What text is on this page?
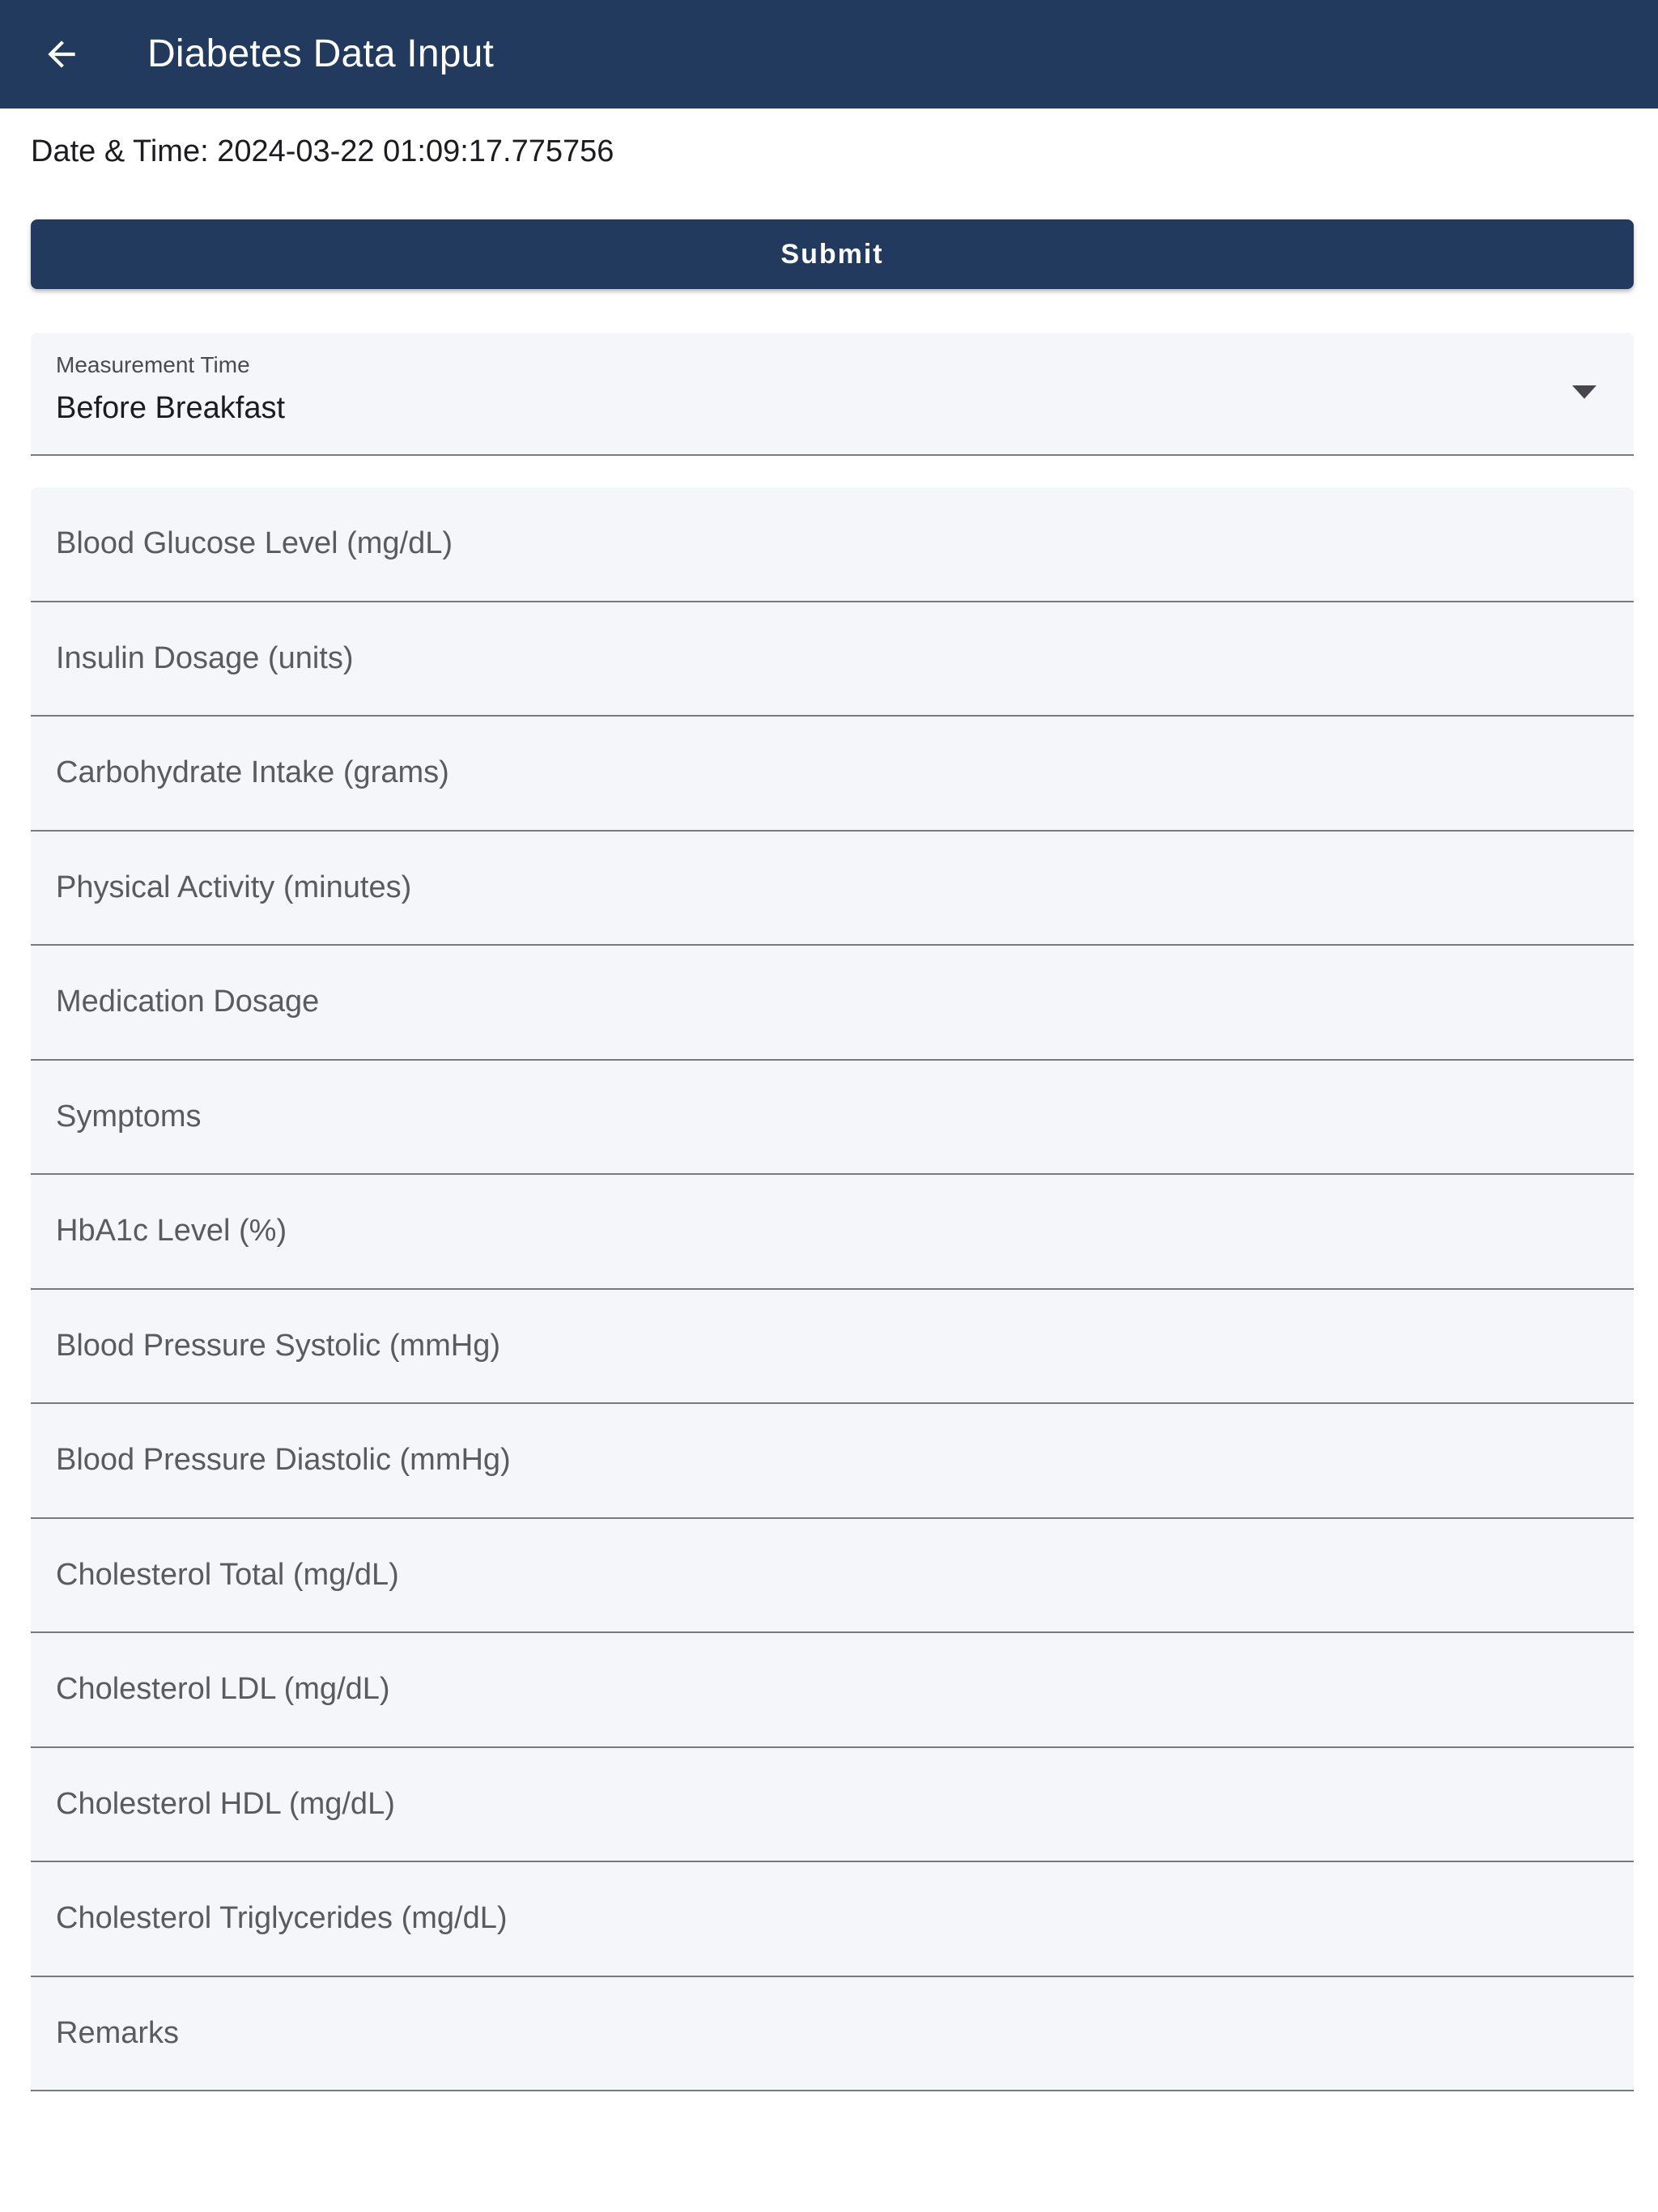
Diabetes Data Input
Date & Time: 2024-03-22 01:09:17.775756
Submit
Measurement Time
Before Breakfast
Blood Glucose Level (mg/dL)
Insulin Dosage (units)
Carbohydrate Intake (grams)
Physical Activity (minutes)
Medication Dosage
Symptoms
HbA1c Level (%)
Blood Pressure Systolic (mmHg)
Blood Pressure Diastolic (mmHg)
Cholesterol Total (mg/dL)
Cholesterol LDL (mg/dL)
Cholesterol HDL (mg/dL)
Cholesterol Triglycerides (mg/dL)
Remarks
